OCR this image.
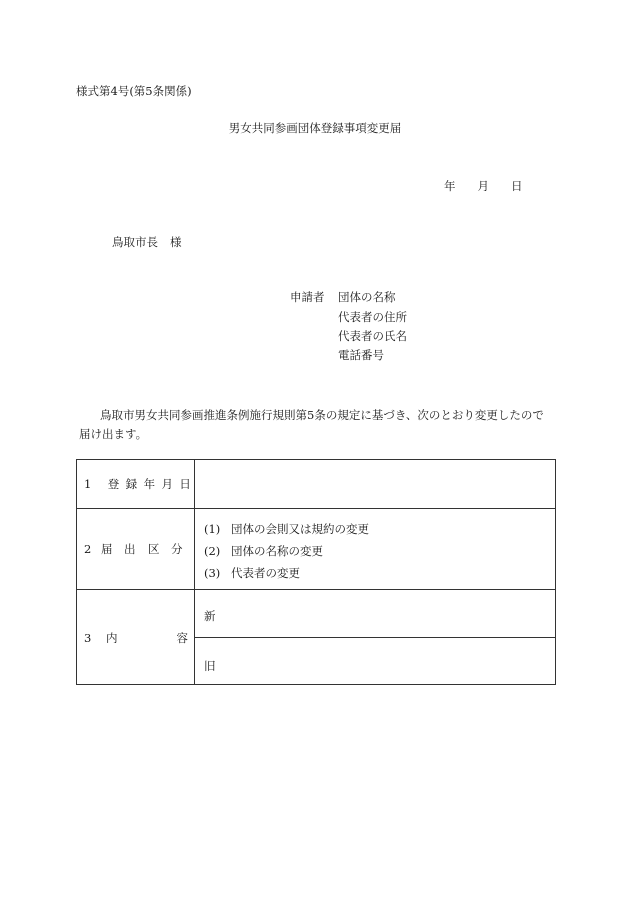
様式第4号(第5条関係)
男女共同参画団体登録事項変更届
年 月 日
鳥取市長 様
申請者 団体の名称
代表者の住所
代表者の氏名
電話番号
鳥取市男女共同参画推進条例施行規則第5条の規定に基づき、次のとおり変更したので届け出ます。
1 登録年月日
2 届 出 区 分
(1) 団体の会則又は規約の変更
(2) 団体の名称の変更
(3) 代表者の変更
3 内	容
新
旧
